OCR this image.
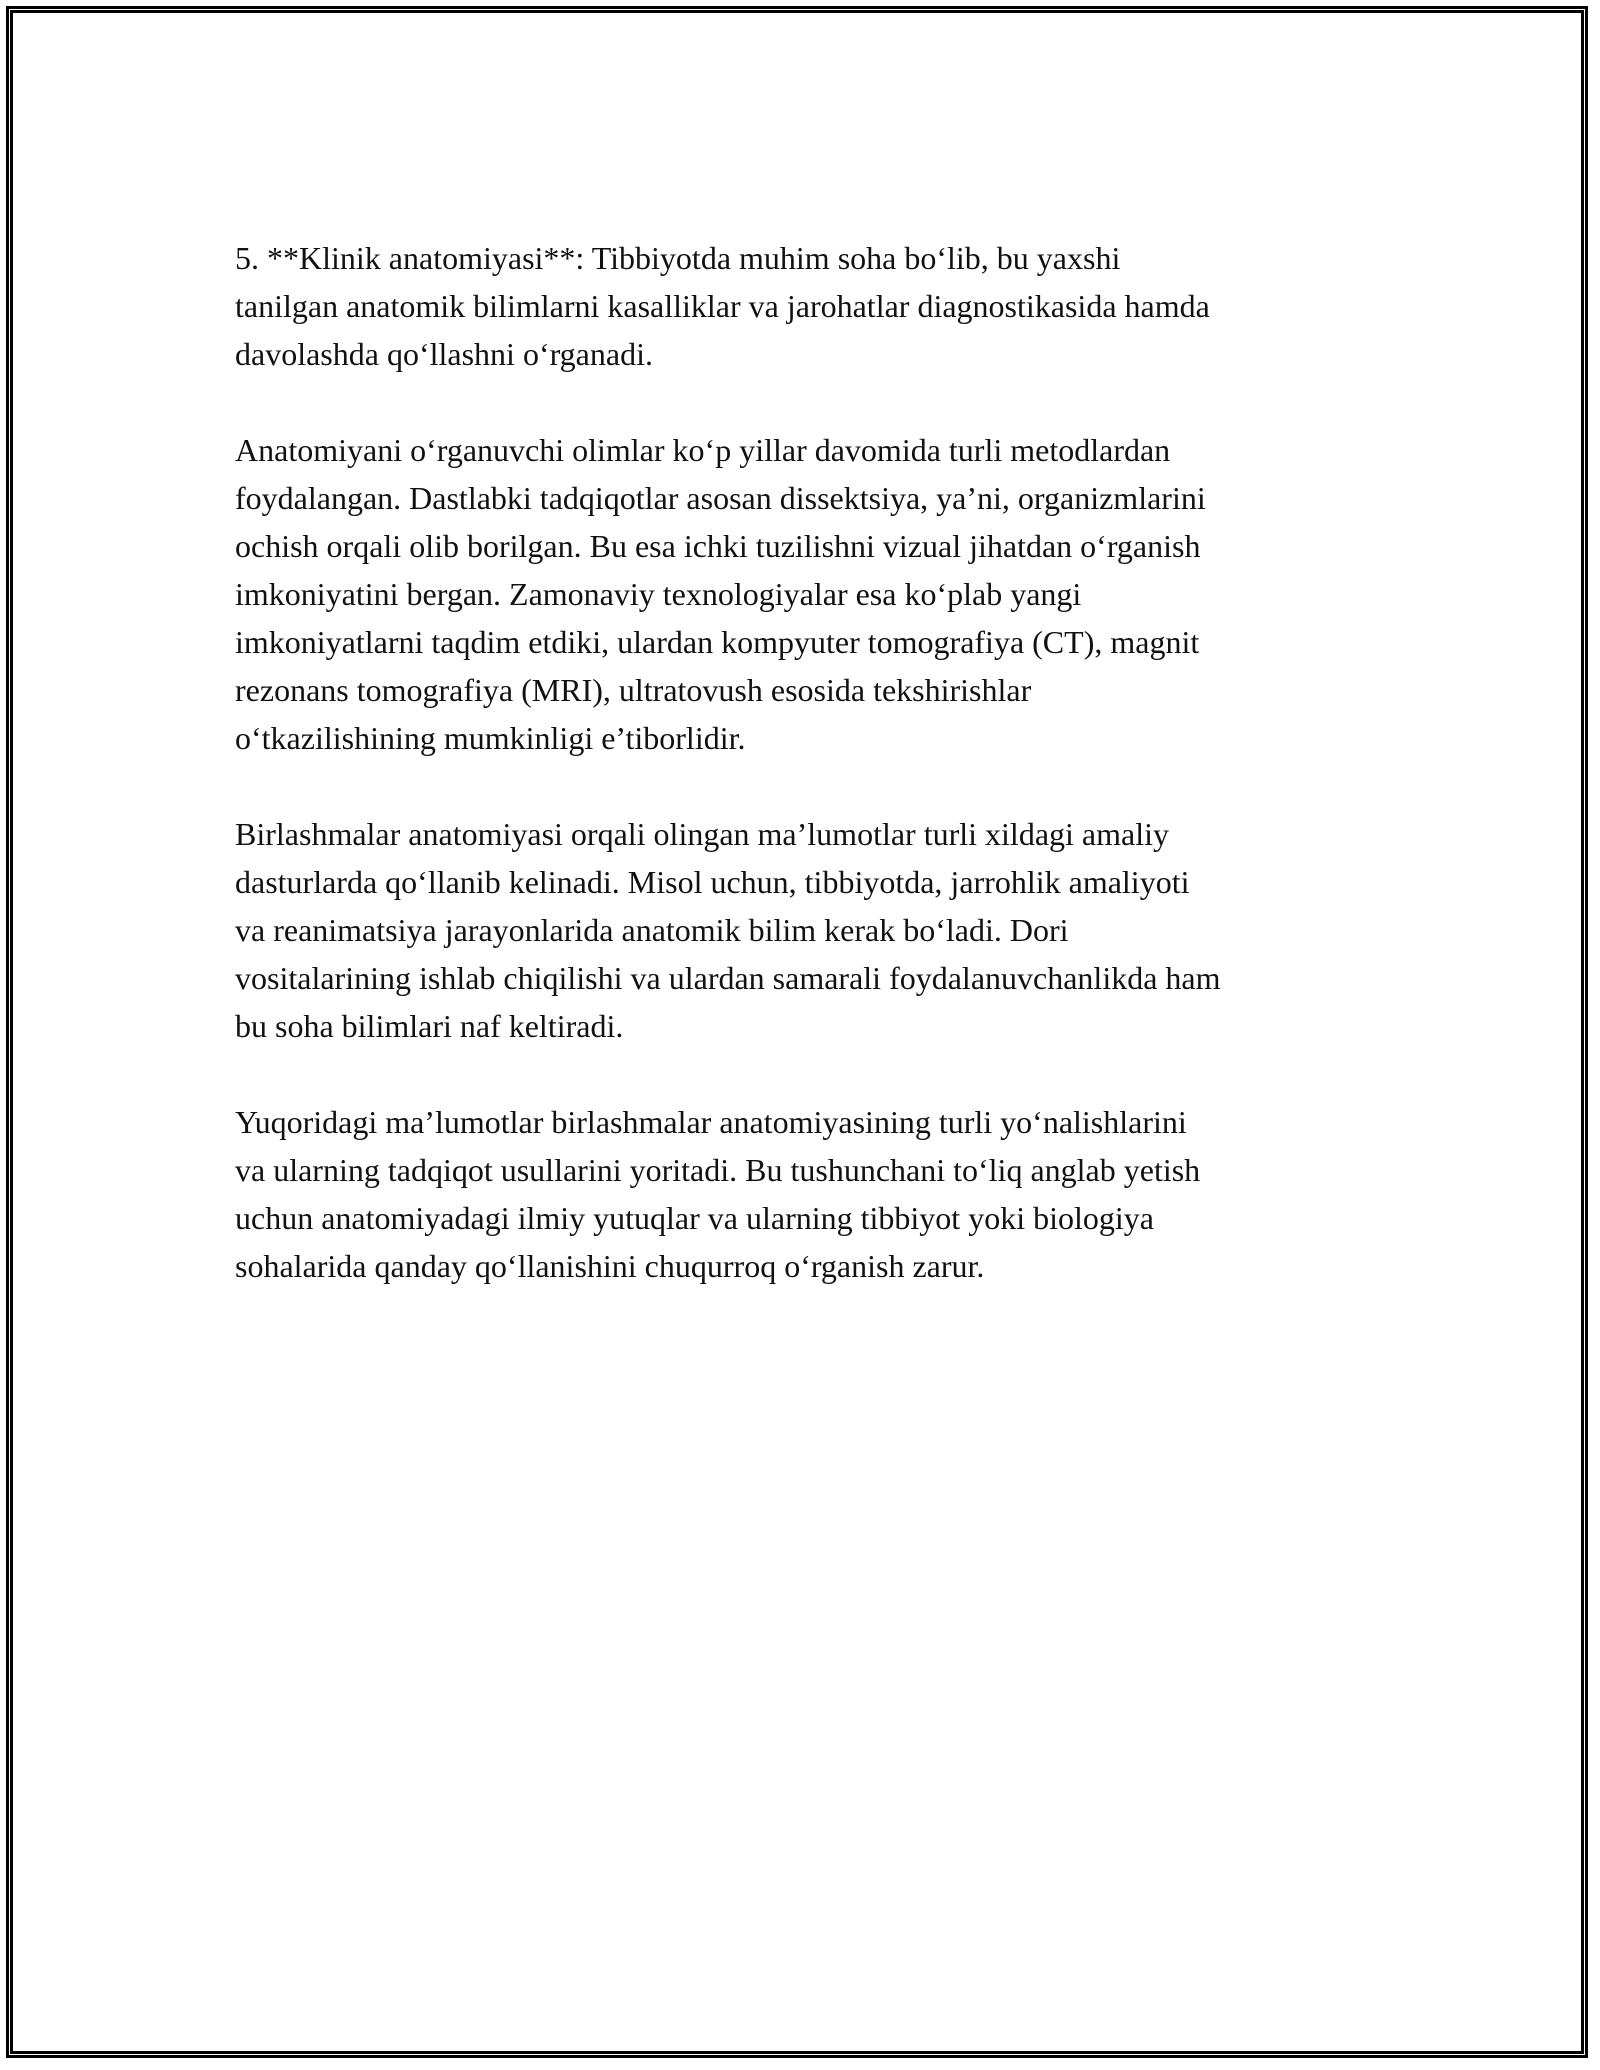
5. **Klinik anatomiyasi**: Tibbiyotda muhim soha bo‘lib, bu yaxshi
tanilgan anatomik bilimlarni kasalliklar va jarohatlar diagnostikasida hamda
davolashda qo‘llashni o‘rganadi.

Anatomiyani o‘rganuvchi olimlar ko‘p yillar davomida turli metodlardan
foydalangan. Dastlabki tadqiqotlar asosan dissektsiya, ya’ni, organizmlarini
ochish orqali olib borilgan. Bu esa ichki tuzilishni vizual jihatdan o‘rganish
imkoniyatini bergan. Zamonaviy texnologiyalar esa ko‘plab yangi
imkoniyatlarni taqdim etdiki, ulardan kompyuter tomografiya (CT), magnit
rezonans tomografiya (MRI), ultratovush esosida tekshirishlar
o‘tkazilishining mumkinligi e’tiborlidir.

Birlashmalar anatomiyasi orqali olingan ma’lumotlar turli xildagi amaliy
dasturlarda qo‘llanib kelinadi. Misol uchun, tibbiyotda, jarrohlik amaliyoti
va reanimatsiya jarayonlarida anatomik bilim kerak bo‘ladi. Dori
vositalarining ishlab chiqilishi va ulardan samarali foydalanuvchanlikda ham
bu soha bilimlari naf keltiradi.

Yuqoridagi ma’lumotlar birlashmalar anatomiyasining turli yo‘nalishlarini
va ularning tadqiqot usullarini yoritadi. Bu tushunchani to‘liq anglab yetish
uchun anatomiyadagi ilmiy yutuqlar va ularning tibbiyot yoki biologiya
sohalarida qanday qo‘llanishini chuqurroq o‘rganish zarur.
